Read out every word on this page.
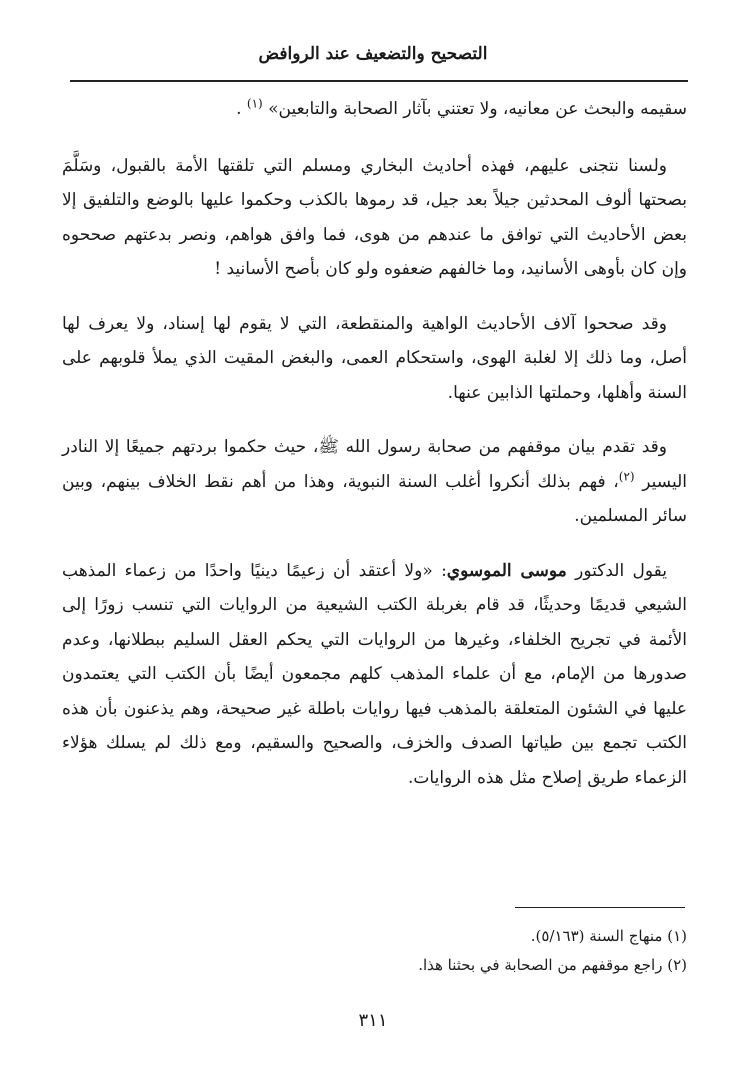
التصحيح والتضعيف عند الروافض

سقيمه والبحث عن معانيه، ولا تعتني بآثار الصحابة والتابعين» $^{(١)}$ .

ولسنا نتجنى عليهم، فهذه أحاديث البخاري ومسلم التي تلقتها الأمة بالقبول، وسَلَّمَ بصحتها ألوف المحدثين جيلاً بعد جيل، قد رموها بالكذب وحكموا عليها بالوضع والتلفيق إلا بعض الأحاديث التي توافق ما عندهم من هوى، فما وافق هواهم، ونصر بدعتهم صححوه وإن كان بأوهى الأسانيد، وما خالفهم ضعفوه ولو كان بأصح الأسانيد !

وقد صححوا آلاف الأحاديث الواهية والمنقطعة، التي لا يقوم لها إسناد، ولا يعرف لها أصل، وما ذلك إلا لغلبة الهوى، واستحكام العمى، والبغض المقيت الذي يملأ قلوبهم على السنة وأهلها، وحملتها الذابين عنها.

وقد تقدم بيان موقفهم من صحابة رسول الله ﷺ، حيث حكموا بردتهم جميعًا إلا النادر اليسير $^{(٢)}$، فهم بذلك أنكروا أغلب السنة النبوية، وهذا من أهم نقط الخلاف بينهم، وبين سائر المسلمين.

يقول الدكتور موسى الموسوي: «ولا أعتقد أن زعيمًا دينيًا واحدًا من زعماء المذهب الشيعي قديمًا وحديثًا، قد قام بغربلة الكتب الشيعية من الروايات التي تنسب زورًا إلى الأئمة في تجريح الخلفاء، وغيرها من الروايات التي يحكم العقل السليم ببطلانها، وعدم صدورها من الإمام، مع أن علماء المذهب كلهم مجمعون أيضًا بأن الكتب التي يعتمدون عليها في الشئون المتعلقة بالمذهب فيها روايات باطلة غير صحيحة، وهم يذعنون بأن هذه الكتب تجمع بين طياتها الصدف والخزف، والصحيح والسقيم، ومع ذلك لم يسلك هؤلاء الزعماء طريق إصلاح مثل هذه الروايات.

(١) منهاج السنة (٥/١٦٣).

(٢) راجع موقفهم من الصحابة في بحثنا هذا.

٣١١
